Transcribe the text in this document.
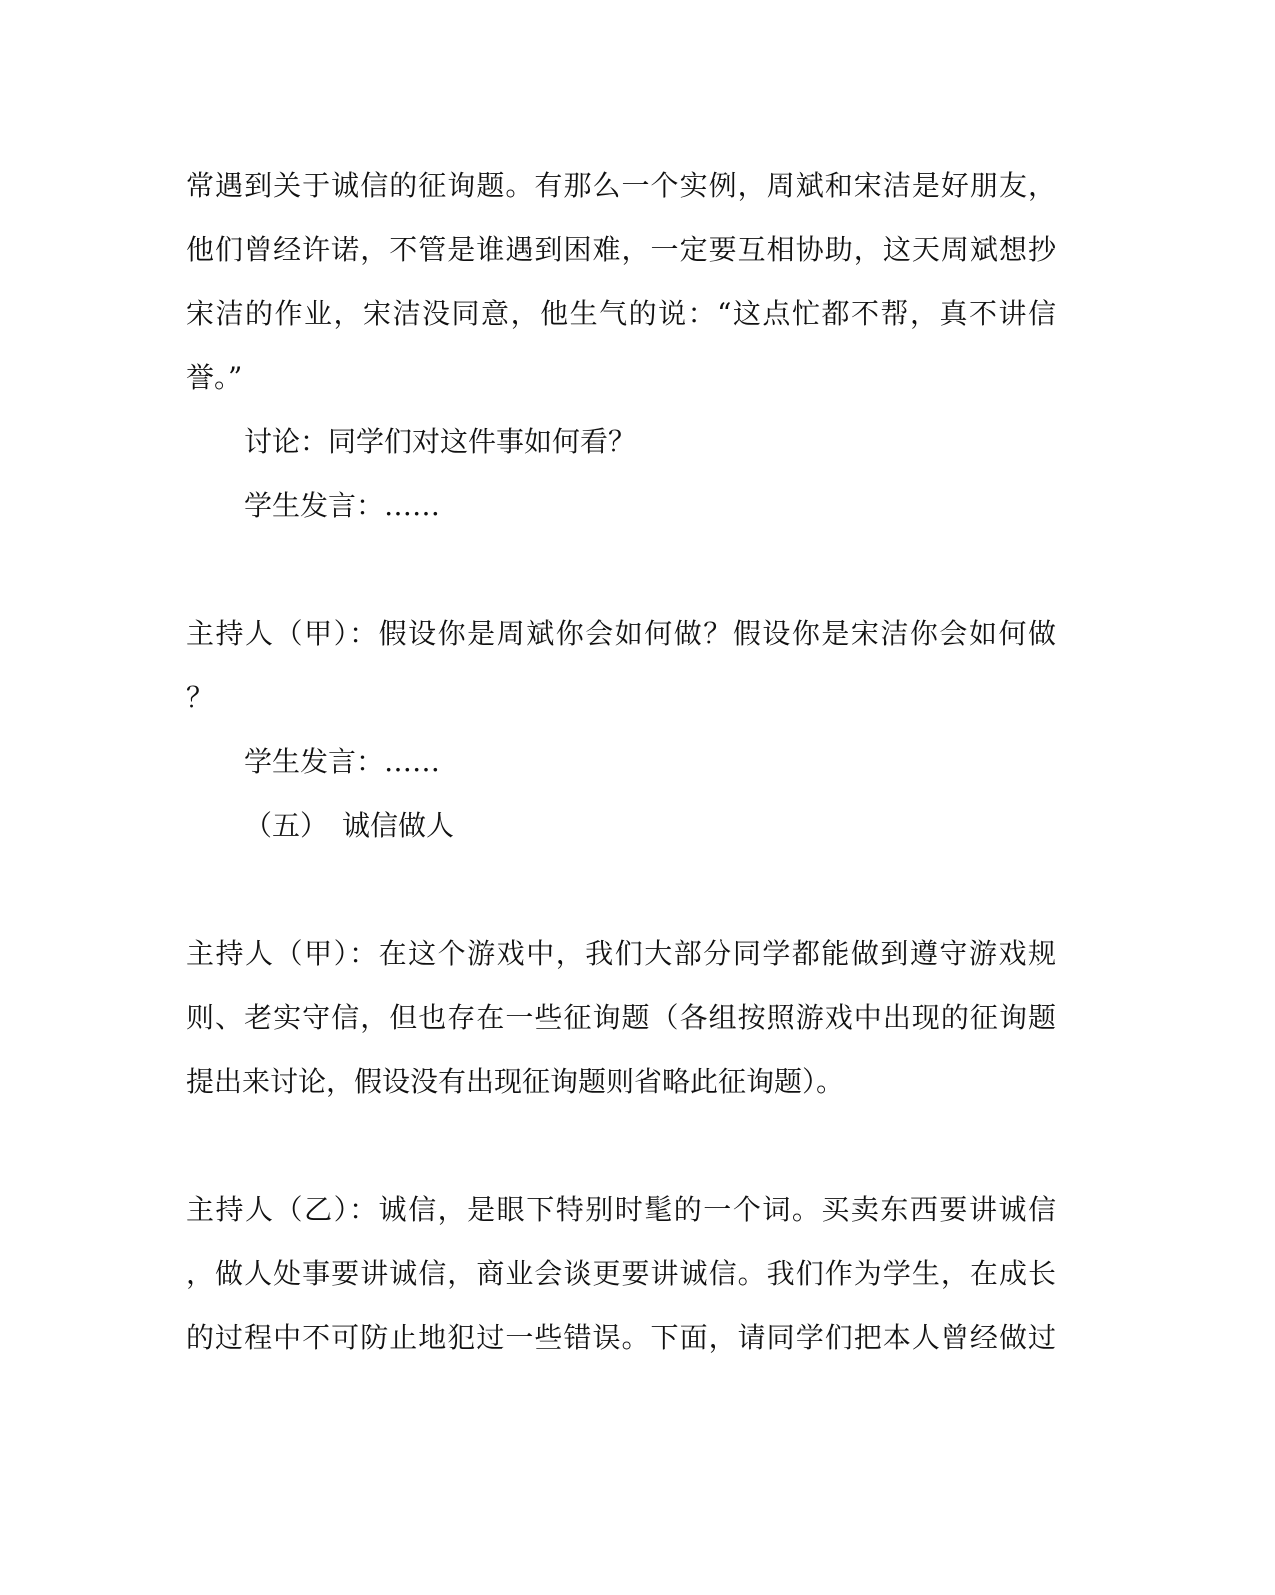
常遇到关于诚信的征询题。有那么一个实例，周斌和宋洁是好朋友，
他们曾经许诺，不管是谁遇到困难，一定要互相协助，这天周斌想抄
宋洁的作业，宋洁没同意，他生气的说：“这点忙都不帮，真不讲信
誉。”
讨论：同学们对这件事如何看？
学生发言：……
主持人（甲）：假设你是周斌你会如何做？假设你是宋洁你会如何做
？
学生发言：……
（五）　诚信做人
主持人（甲）：在这个游戏中，我们大部分同学都能做到遵守游戏规
则、老实守信，但也存在一些征询题（各组按照游戏中出现的征询题
提出来讨论，假设没有出现征询题则省略此征询题）。
主持人（乙）：诚信，是眼下特别时髦的一个词。买卖东西要讲诚信
，做人处事要讲诚信，商业会谈更要讲诚信。我们作为学生，在成长
的过程中不可防止地犯过一些错误。下面，请同学们把本人曾经做过
